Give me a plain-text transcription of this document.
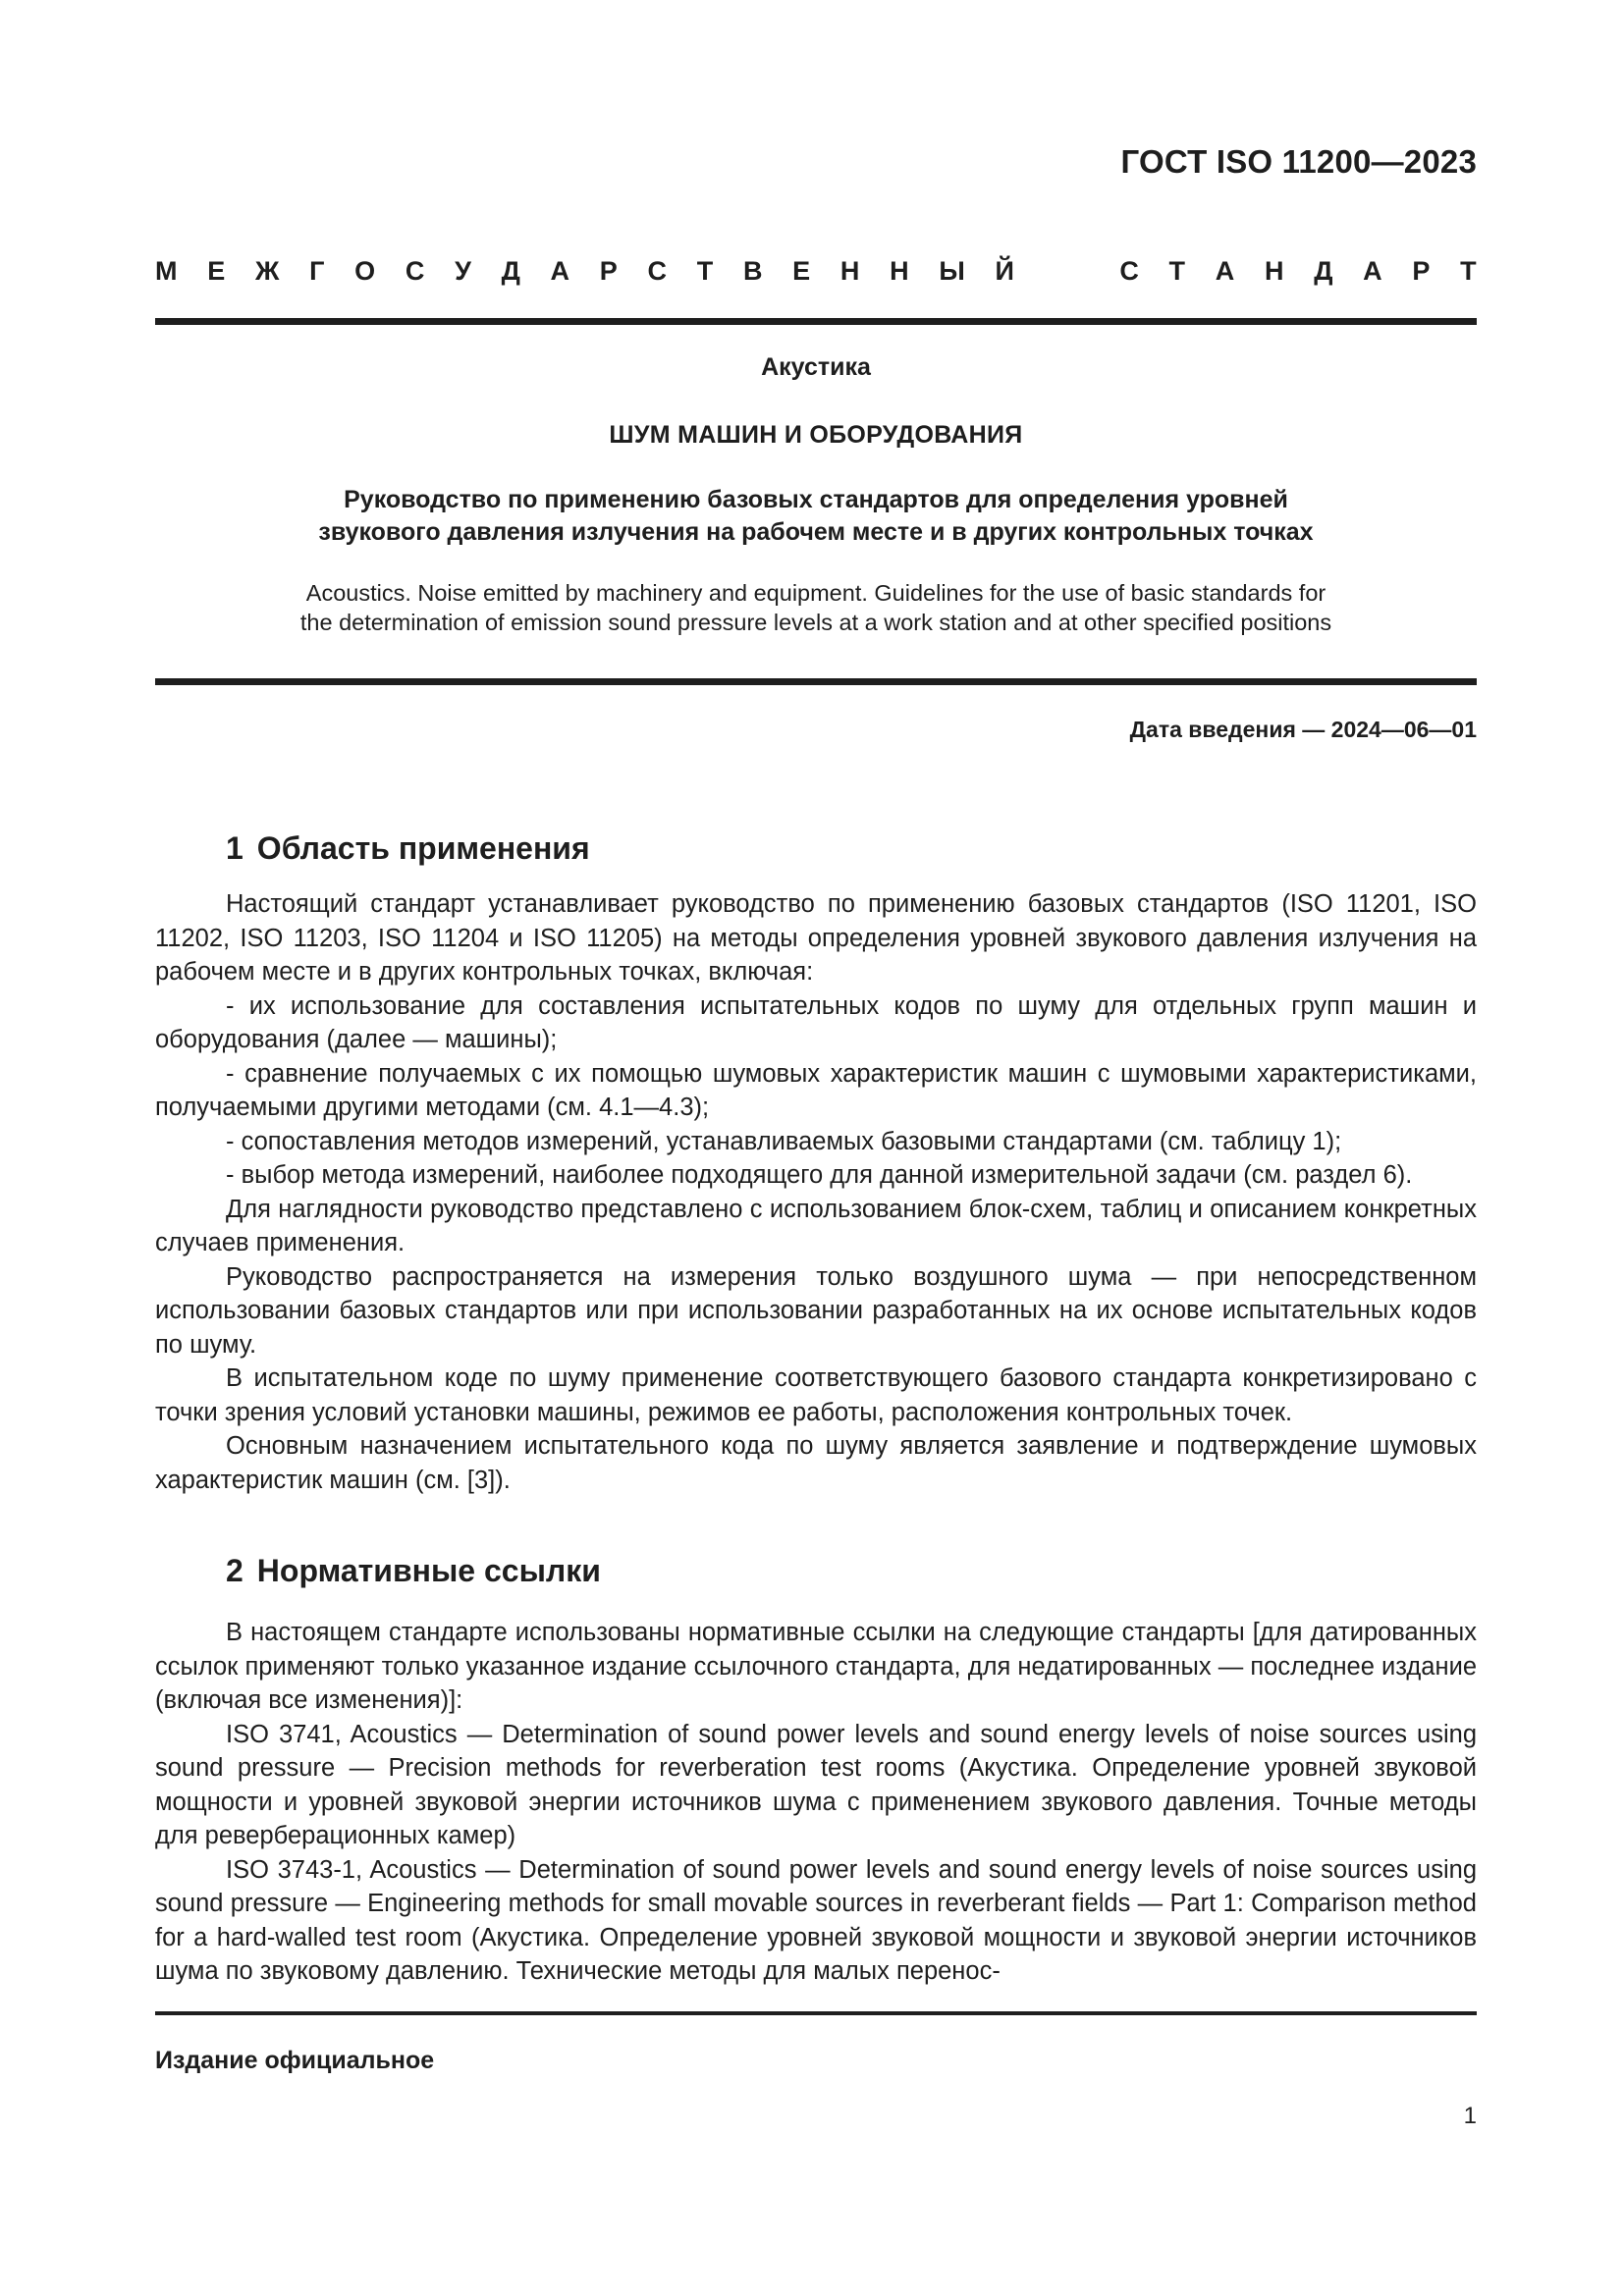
ГОСТ ISO 11200—2023
М Е Ж Г О С У Д А Р С Т В Е Н Н Ы Й	С Т А Н Д А Р Т
Акустика
ШУМ МАШИН И ОБОРУДОВАНИЯ
Руководство по применению базовых стандартов для определения уровней
звукового давления излучения на рабочем месте и в других контрольных точках
Acoustics. Noise emitted by machinery and equipment. Guidelines for the use of basic standards for
the determination of emission sound pressure levels at a work station and at other specified positions
Дата введения — 2024—06—01
1 Область применения

Настоящий стандарт устанавливает руководство по применению базовых стандартов (ISO 11201, ISO 11202, ISO 11203, ISO 11204 и ISO 11205) на методы определения уровней звукового давления излучения на рабочем месте и в других контрольных точках, включая:

- их использование для составления испытательных кодов по шуму для отдельных групп машин и оборудования (далее — машины);

- сравнение получаемых с их помощью шумовых характеристик машин с шумовыми характеристиками, получаемыми другими методами (см. 4.1—4.3);

- сопоставления методов измерений, устанавливаемых базовыми стандартами (см. таблицу 1);

- выбор метода измерений, наиболее подходящего для данной измерительной задачи (см. раздел 6).

Для наглядности руководство представлено с использованием блок-схем, таблиц и описанием конкретных случаев применения.

Руководство распространяется на измерения только воздушного шума — при непосредственном использовании базовых стандартов или при использовании разработанных на их основе испытательных кодов по шуму.

В испытательном коде по шуму применение соответствующего базового стандарта конкретизировано с точки зрения условий установки машины, режимов ее работы, расположения контрольных точек.

Основным назначением испытательного кода по шуму является заявление и подтверждение шумовых характеристик машин (см. [3]).

2 Нормативные ссылки

В настоящем стандарте использованы нормативные ссылки на следующие стандарты [для датированных ссылок применяют только указанное издание ссылочного стандарта, для недатированных — последнее издание (включая все изменения)]:

ISO 3741, Acoustics — Determination of sound power levels and sound energy levels of noise sources using sound pressure — Precision methods for reverberation test rooms (Акустика. Определение уровней звуковой мощности и уровней звуковой энергии источников шума с применением звукового давления. Точные методы для реверберационных камер)

ISO 3743-1, Acoustics — Determination of sound power levels and sound energy levels of noise sources using sound pressure — Engineering methods for small movable sources in reverberant fields — Part 1: Comparison method for a hard-walled test room (Акустика. Определение уровней звуковой мощности и звуковой энергии источников шума по звуковому давлению. Технические методы для малых перенос-

Издание официальное
1
